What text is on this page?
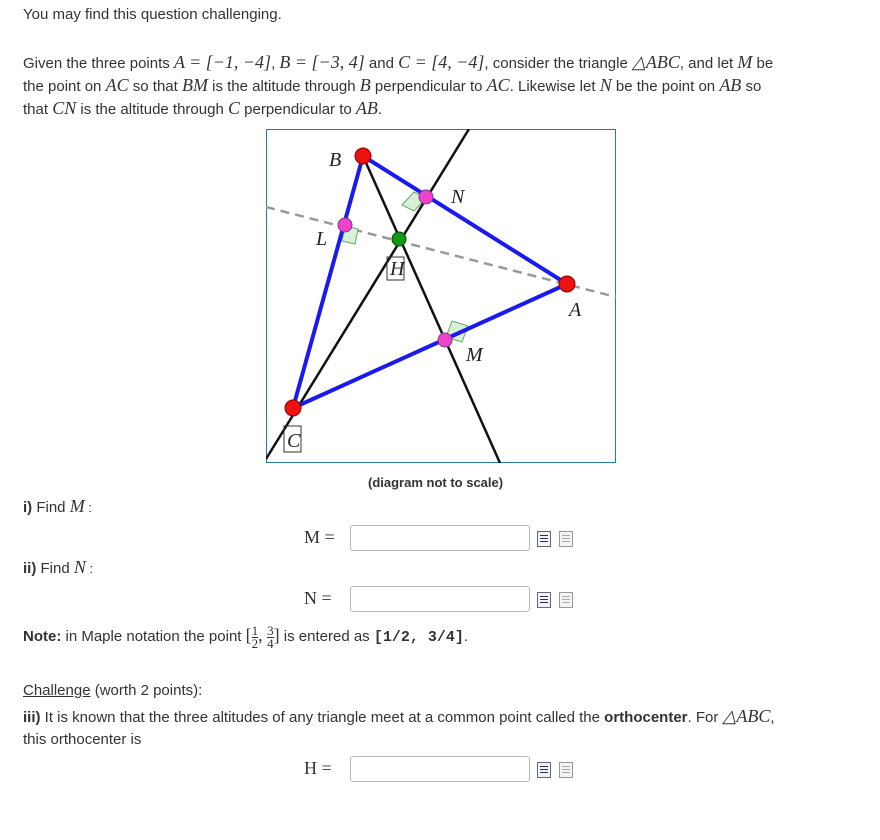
You may find this question challenging.
Given the three points A = [−1, −4], B = [−3, 4] and C = [4, −4], consider the triangle △ABC, and let M be
the point on AC so that BM is the altitude through B perpendicular to AC. Likewise let N be the point on AB so
that CN is the altitude through C perpendicular to AB.
B
N
L
H
A
M
C
(diagram not to scale)
i) Find M :
M =
ii) Find N :
N =
Note: in Maple notation the point [ $\frac{1}{2}$ , $\frac{3}{4}$ ] is entered as [1/2, 3/4].
Challenge (worth 2 points):
iii) It is known that the three altitudes of any triangle meet at a common point called the orthocenter. For △ABC,
this orthocenter is
H =
